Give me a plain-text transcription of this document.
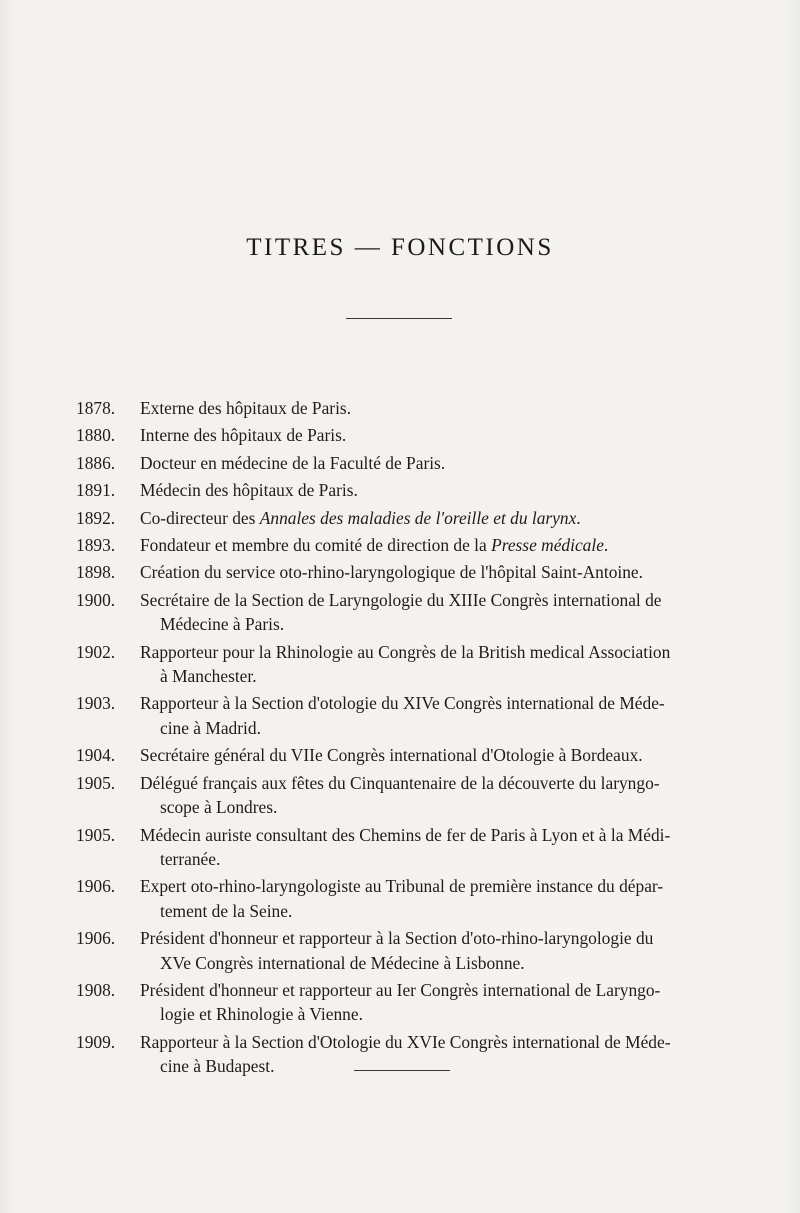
TITRES — FONCTIONS
1878.	Externe des hôpitaux de Paris.
1880.	Interne des hôpitaux de Paris.
1886.	Docteur en médecine de la Faculté de Paris.
1891.	Médecin des hôpitaux de Paris.
1892.	Co-directeur des Annales des maladies de l'oreille et du larynx.
1893.	Fondateur et membre du comité de direction de la Presse médicale.
1898.	Création du service oto-rhino-laryngologique de l'hôpital Saint-Antoine.
1900.	Secrétaire de la Section de Laryngologie du XIIIe Congrès international de
Médecine à Paris.
1902.	Rapporteur pour la Rhinologie au Congrès de la British medical Association
à Manchester.
1903.	Rapporteur à la Section d'otologie du XIVe Congrès international de Méde-
cine à Madrid.
1904.	Secrétaire général du VIIe Congrès international d'Otologie à Bordeaux.
1905.	Délégué français aux fêtes du Cinquantenaire de la découverte du laryngo-
scope à Londres.
1905.	Médecin auriste consultant des Chemins de fer de Paris à Lyon et à la Médi-
terranée.
1906.	Expert oto-rhino-laryngologiste au Tribunal de première instance du dépar-
tement de la Seine.
1906.	Président d'honneur et rapporteur à la Section d'oto-rhino-laryngologie du
XVe Congrès international de Médecine à Lisbonne.
1908.	Président d'honneur et rapporteur au Ier Congrès international de Laryngo-
logie et Rhinologie à Vienne.
1909.	Rapporteur à la Section d'Otologie du XVIe Congrès international de Méde-
cine à Budapest.
